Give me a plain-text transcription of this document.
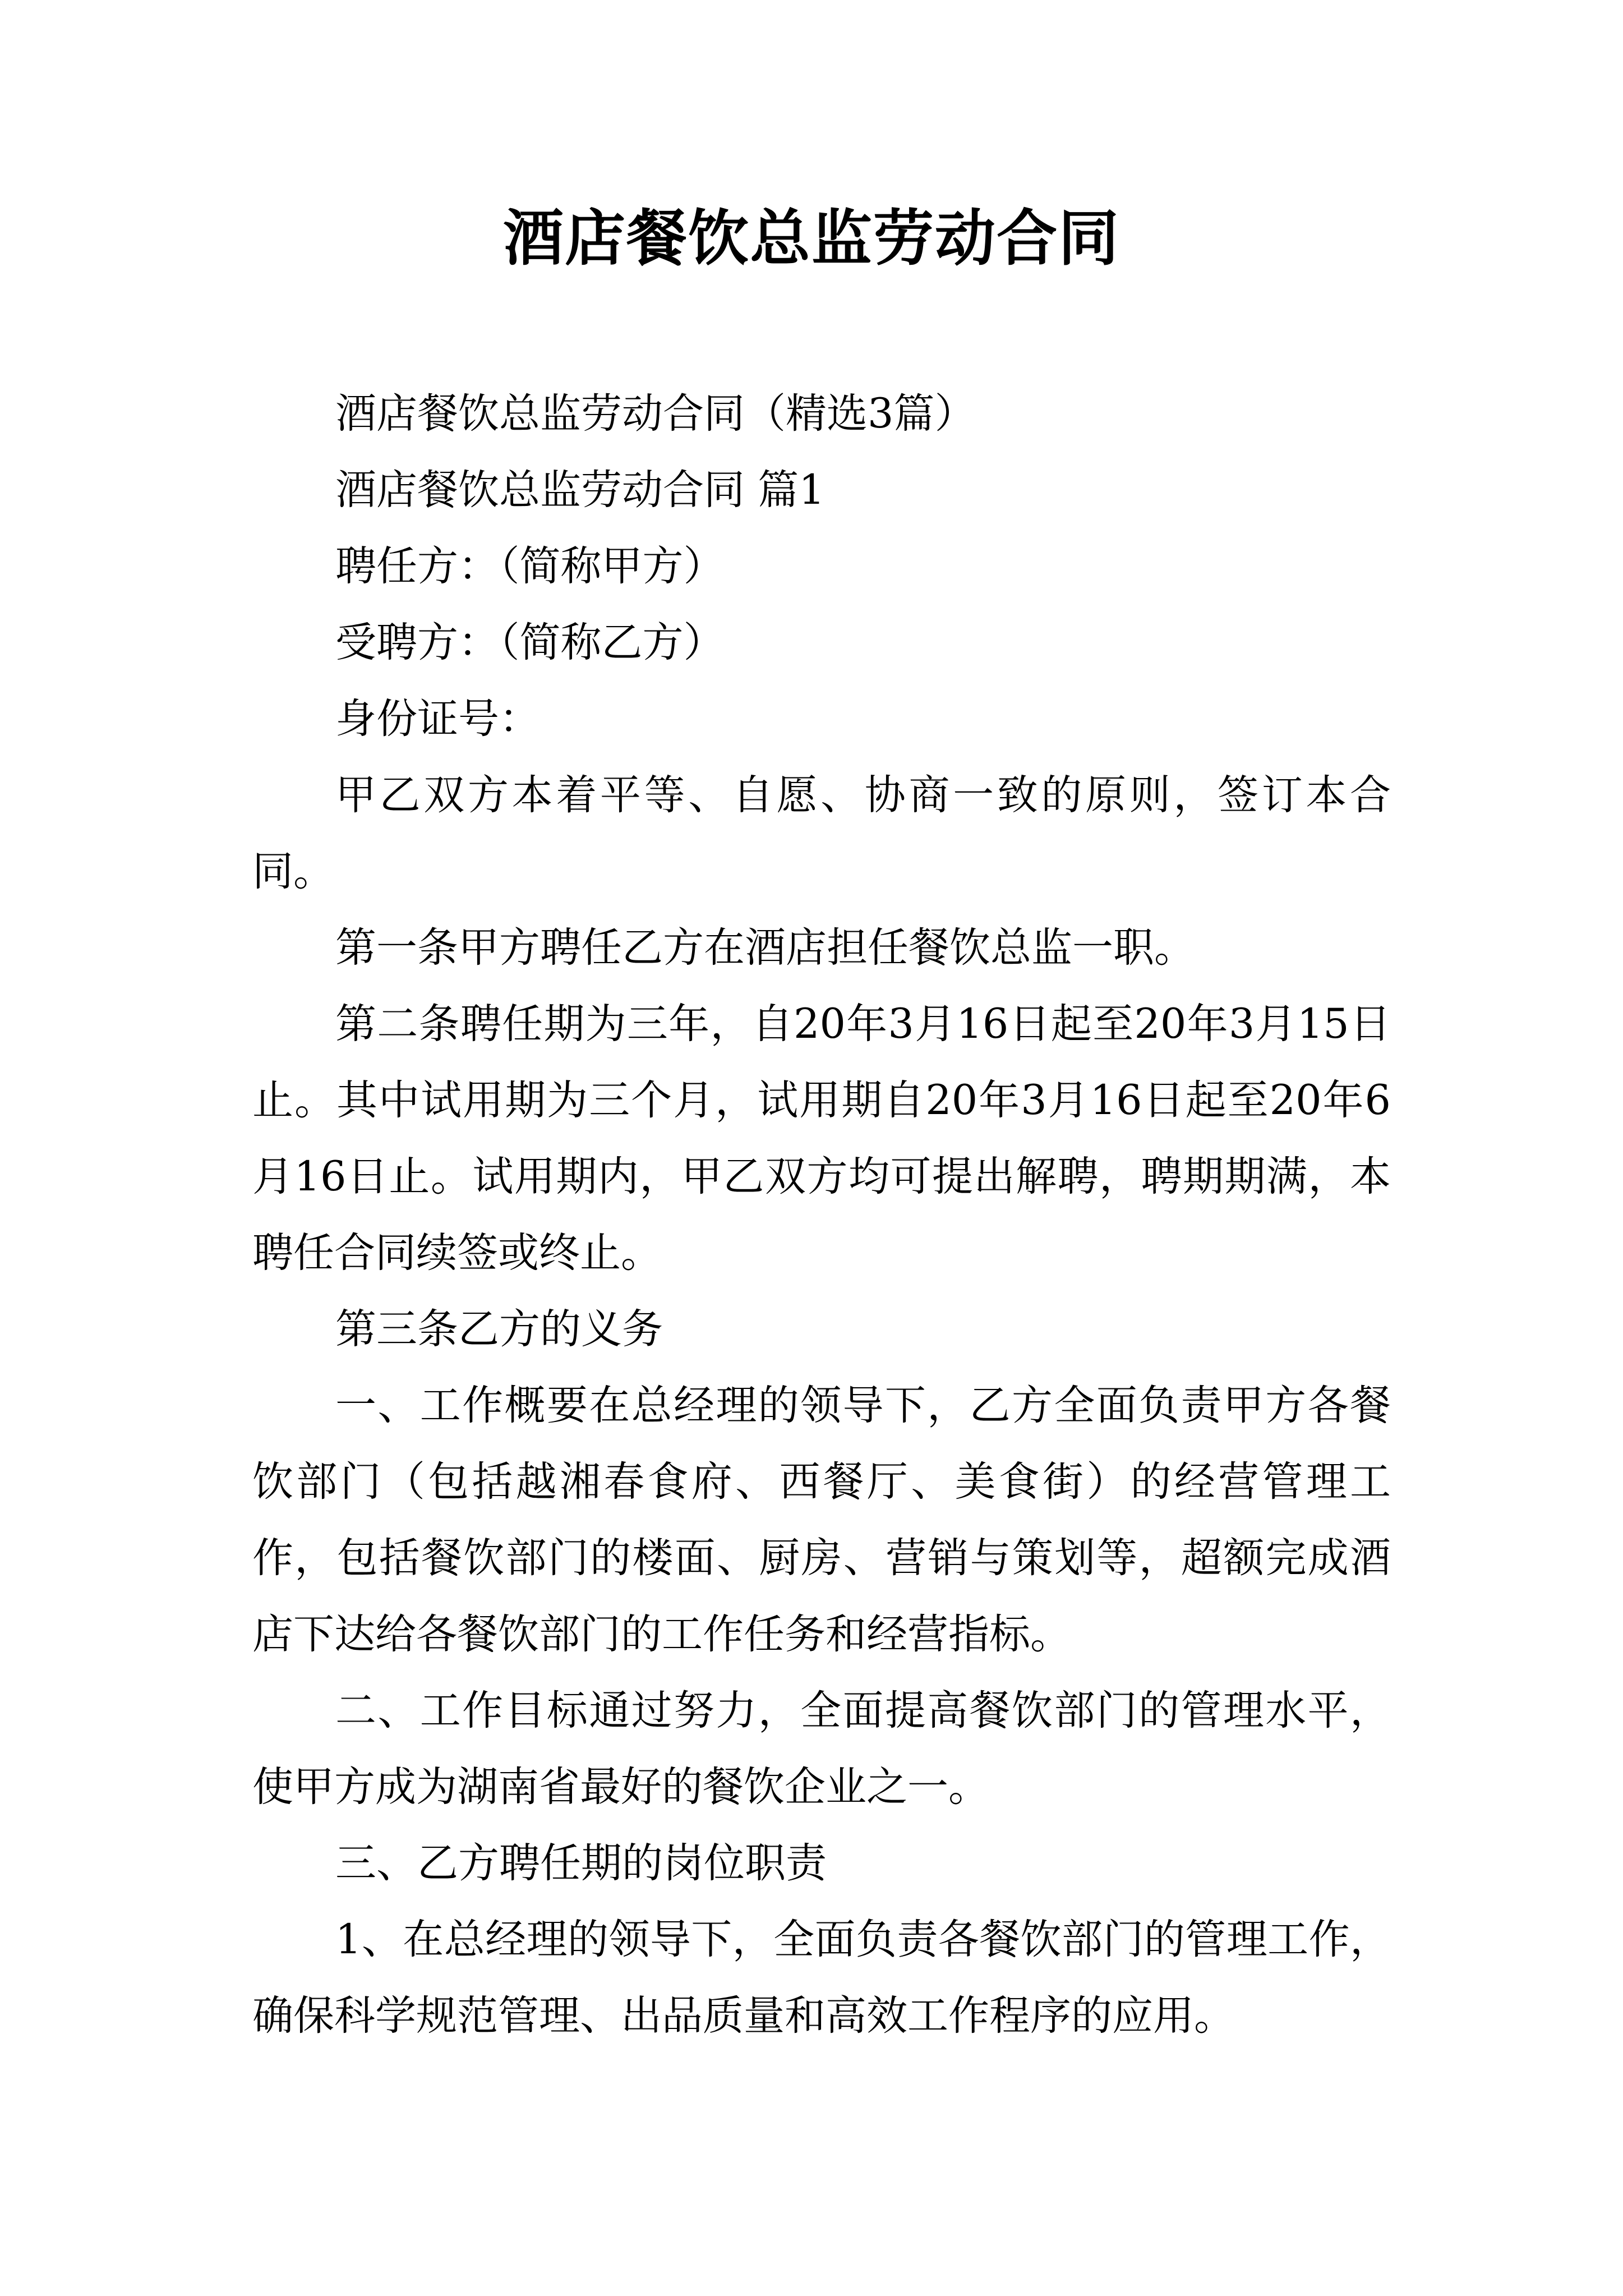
酒店餐饮总监劳动合同

酒店餐饮总监劳动合同（精选3篇）

酒店餐饮总监劳动合同 篇1

聘任方：（简称甲方）

受聘方：（简称乙方）

身份证号：

甲乙双方本着平等、自愿、协商一致的原则，签订本合同。

第一条甲方聘任乙方在酒店担任餐饮总监一职。

第二条聘任期为三年，自20年3月16日起至20年3月15日止。其中试用期为三个月，试用期自20年3月16日起至20年6月16日止。试用期内，甲乙双方均可提出解聘，聘期期满，本聘任合同续签或终止。

第三条乙方的义务

一、工作概要在总经理的领导下，乙方全面负责甲方各餐饮部门（包括越湘春食府、西餐厅、美食街）的经营管理工作，包括餐饮部门的楼面、厨房、营销与策划等，超额完成酒店下达给各餐饮部门的工作任务和经营指标。

二、工作目标通过努力，全面提高餐饮部门的管理水平，使甲方成为湖南省最好的餐饮企业之一。

三、乙方聘任期的岗位职责

1、在总经理的领导下，全面负责各餐饮部门的管理工作，确保科学规范管理、出品质量和高效工作程序的应用。
